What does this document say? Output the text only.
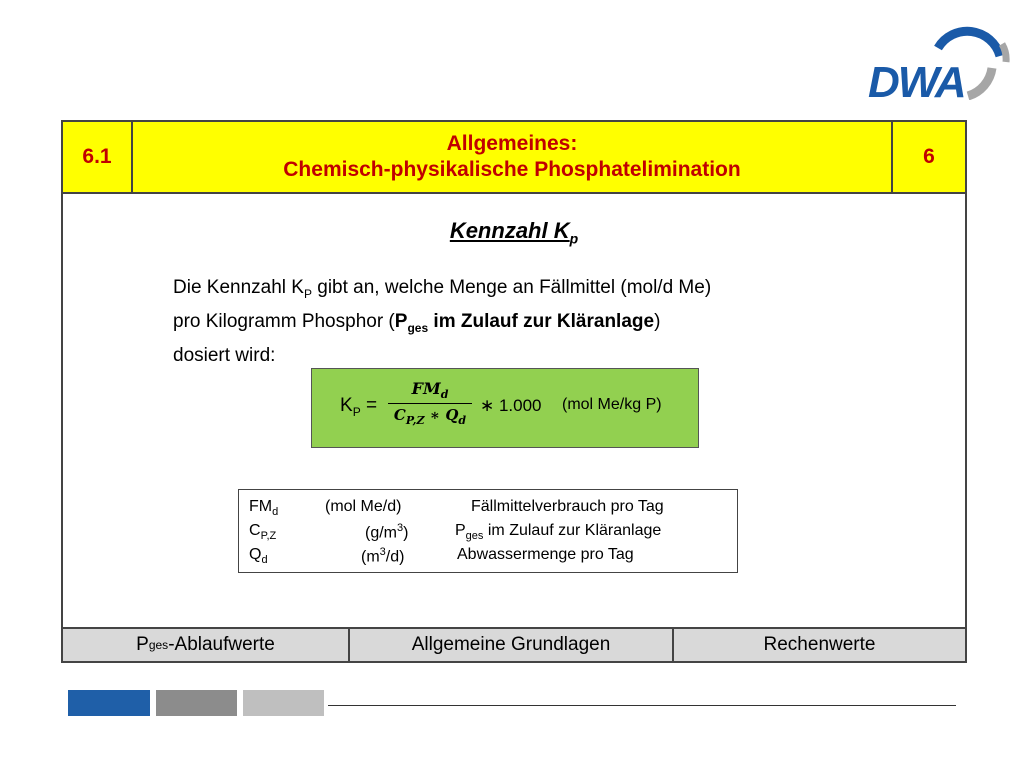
DWA
6.1
Allgemeines:
Chemisch-physikalische Phosphatelimination
6
Kennzahl $K_p$
Die Kennzahl $K_P$ gibt an, welche Menge an Fällmittel (mol/d Me)
pro Kilogramm Phosphor ($P_{ges}$ im Zulauf zur Kläranlage)
dosiert wird:
$K_P$ =
$FM_d$
$C_{P,Z}$ ∗ $Q_d$
∗ 1.000 (mol Me/kg P)
$FM_d$	(mol Me/d)	Fällmittelverbrauch pro Tag
$C_{P,Z}$	$(g/m^3)$	$P_{ges}$ im Zulauf zur Kläranlage
$Q_d$	$(m^3/d)$	Abwassermenge pro Tag
P ges -Ablaufwerte	Allgemeine Grundlagen	Rechenwerte
